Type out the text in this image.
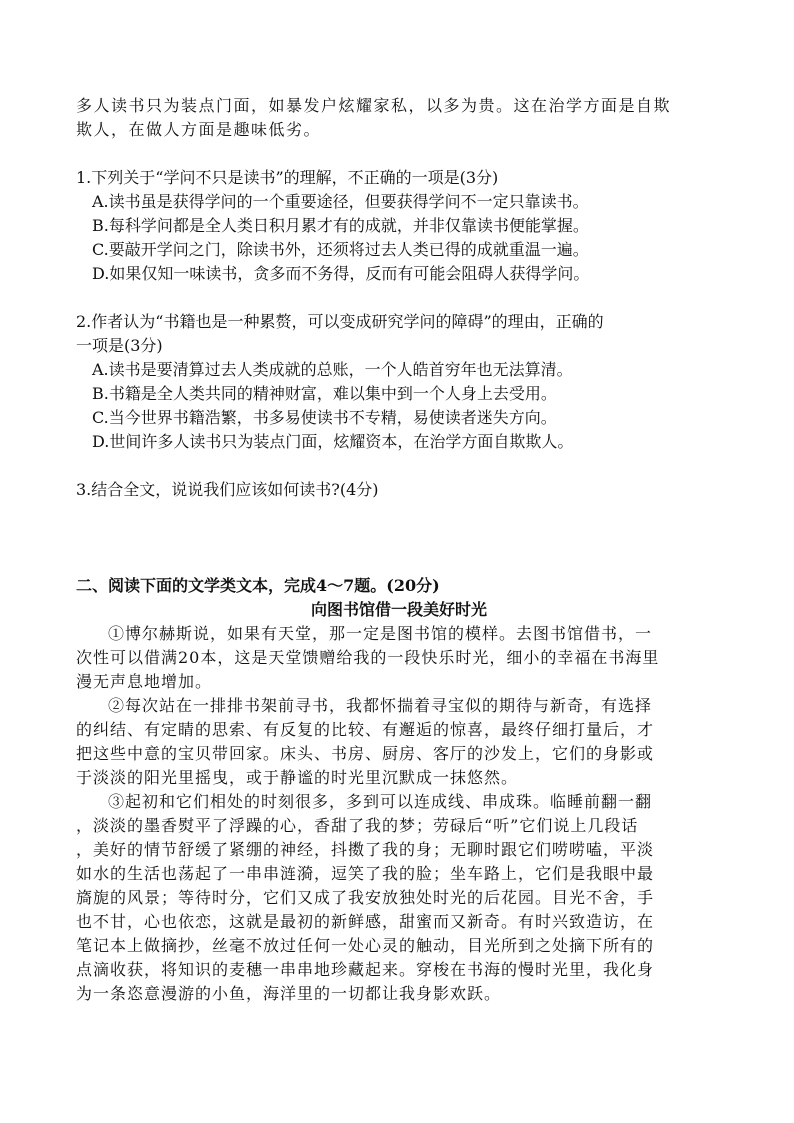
多人读书只为装点门面，如暴发户炫耀家私，以多为贵。这在治学方面是自欺

欺人，在做人方面是趣味低劣。

1.下列关于“学问不只是读书”的理解，不正确的一项是(3分)
A.读书虽是获得学问的一个重要途径，但要获得学问不一定只靠读书。
B.每科学问都是全人类日积月累才有的成就，并非仅靠读书便能掌握。
C.要敲开学问之门，除读书外，还须将过去人类已得的成就重温一遍。
D.如果仅知一味读书，贪多而不务得，反而有可能会阻碍人获得学问。
2.作者认为“书籍也是一种累赘，可以变成研究学问的障碍”的理由，正确的
一项是(3分)
A.读书是要清算过去人类成就的总账，一个人皓首穷年也无法算清。
B.书籍是全人类共同的精神财富，难以集中到一个人身上去受用。
C.当今世界书籍浩繁，书多易使读书不专精，易使读者迷失方向。
D.世间许多人读书只为装点门面，炫耀资本，在治学方面自欺欺人。
3.结合全文，说说我们应该如何读书?(4分)
二、阅读下面的文学类文本，完成4～7题。(20分)
向图书馆借一段美好时光
①博尔赫斯说，如果有天堂，那一定是图书馆的模样。去图书馆借书，一
次性可以借满20本，这是天堂馈赠给我的一段快乐时光，细小的幸福在书海里
漫无声息地增加。
②每次站在一排排书架前寻书，我都怀揣着寻宝似的期待与新奇，有选择
的纠结、有定睛的思索、有反复的比较、有邂逅的惊喜，最终仔细打量后，才
把这些中意的宝贝带回家。床头、书房、厨房、客厅的沙发上，它们的身影或
于淡淡的阳光里摇曳，或于静谧的时光里沉默成一抹悠然。
③起初和它们相处的时刻很多，多到可以连成线、串成珠。临睡前翻一翻
，淡淡的墨香熨平了浮躁的心，香甜了我的梦；劳碌后“听”它们说上几段话
，美好的情节舒缓了紧绷的神经，抖擞了我的身；无聊时跟它们唠唠嗑，平淡
如水的生活也荡起了一串串涟漪，逗笑了我的脸；坐车路上，它们是我眼中最
旖旎的风景；等待时分，它们又成了我安放独处时光的后花园。目光不舍，手
也不甘，心也依恋，这就是最初的新鲜感，甜蜜而又新奇。有时兴致造访，在
笔记本上做摘抄，丝毫不放过任何一处心灵的触动，目光所到之处摘下所有的
点滴收获，将知识的麦穗一串串地珍藏起来。穿梭在书海的慢时光里，我化身
为一条恣意漫游的小鱼，海洋里的一切都让我身影欢跃。
